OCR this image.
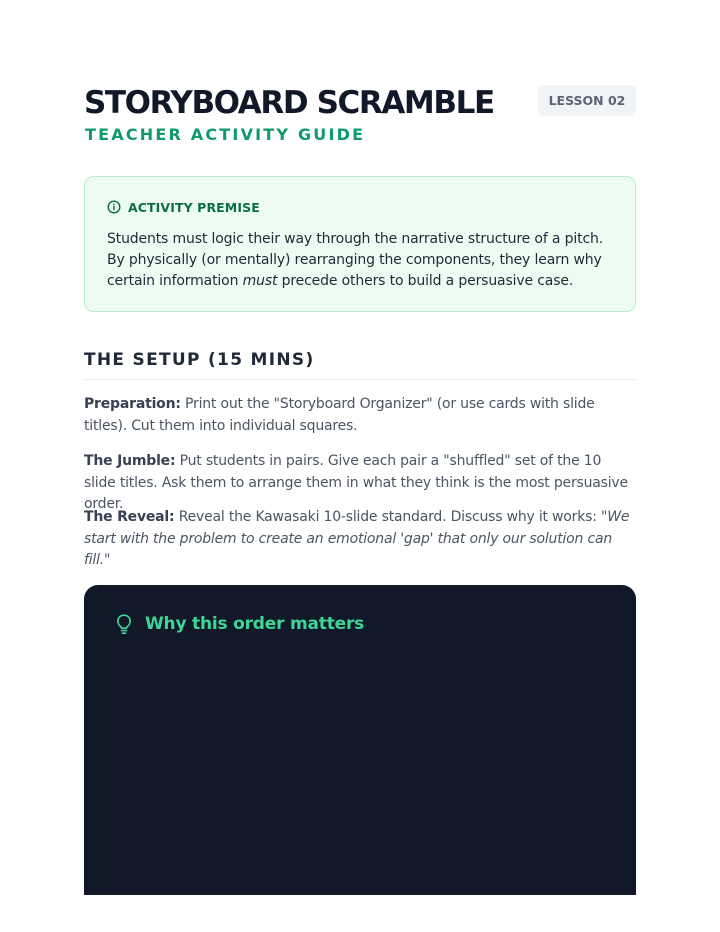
STORYBOARD SCRAMBLE
TEACHER ACTIVITY GUIDE
LESSON 02
ACTIVITY PREMISE

Students must logic their way through the narrative structure of a pitch. By physically (or mentally) rearranging the components, they learn why certain information must precede others to build a persuasive case.

THE SETUP (15 MINS)

Preparation: Print out the "Storyboard Organizer" (or use cards with slide titles). Cut them into individual squares.

The Jumble: Put students in pairs. Give each pair a "shuffled" set of the 10 slide titles. Ask them to arrange them in what they think is the most persuasive order.

The Reveal: Reveal the Kawasaki 10-slide standard. Discuss why it works: "We start with the problem to create an emotional 'gap' that only our solution can fill."

Why this order matters
